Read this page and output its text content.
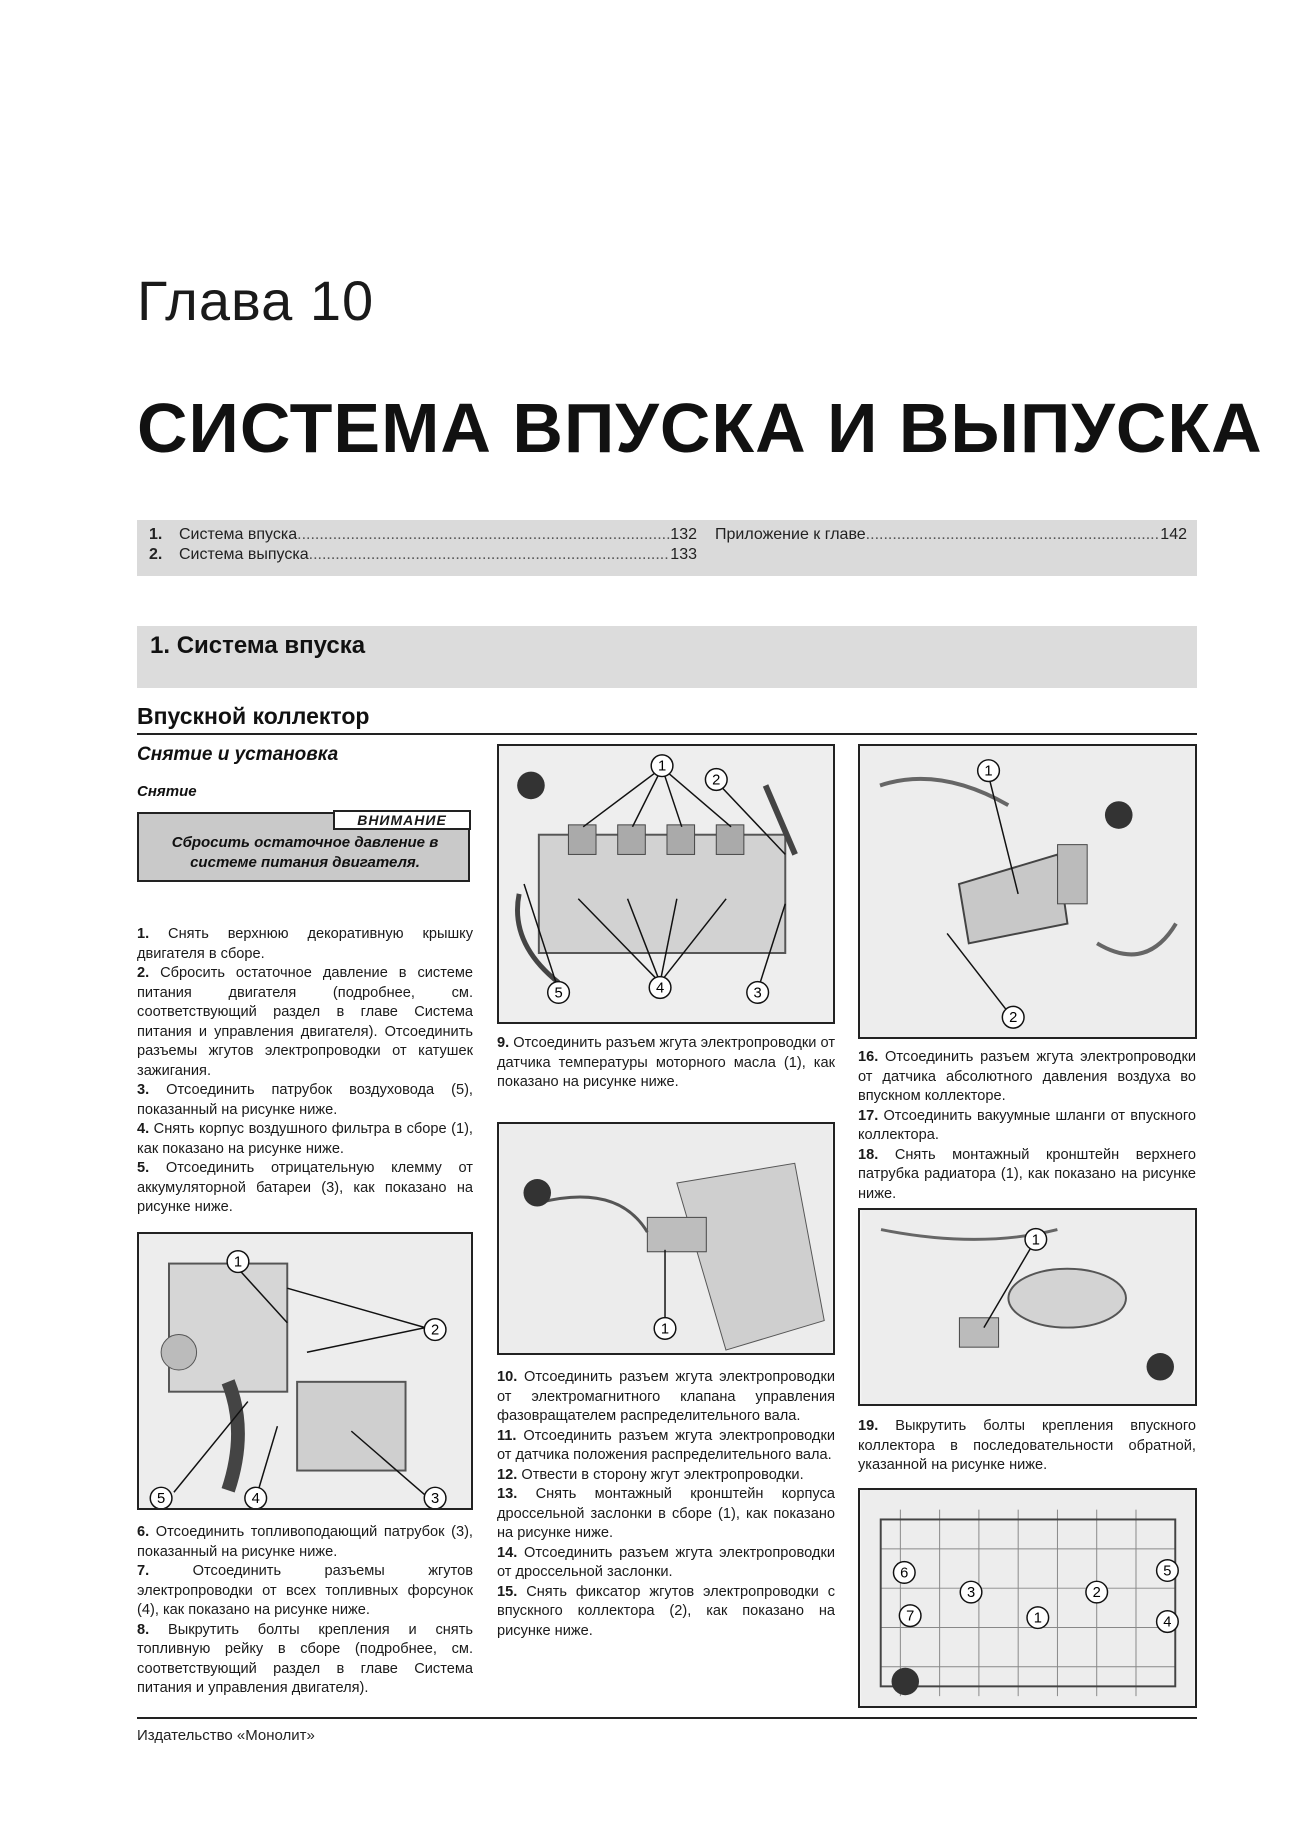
Глава 10
СИСТЕМА ВПУСКА И ВЫПУСКА
1.	Система впуска .....	132
2.	Система выпуска .....	133
Приложение к главе .....	142
1. Система впуска
Впускной коллектор
Снятие и установка
Снятие
ВНИМАНИЕ
Сбросить остаточное давление в системе питания двигателя.

1. Снять верхнюю декоративную крышку двигателя в сборе.

2. Сбросить остаточное давление в системе питания двигателя (подробнее, см. соответствующий раздел в главе Система питания и управления двигателя). Отсоединить разъемы жгутов электропроводки от катушек зажигания.

3. Отсоединить патрубок воздуховода (5), показанный на рисунке ниже.

4. Снять корпус воздушного фильтра в сборе (1), как показано на рисунке ниже.

5. Отсоединить отрицательную клемму от аккумуляторной батареи (3), как показано на рисунке ниже.

1
2
3
4
5

6. Отсоединить топливоподающий патрубок (3), показанный на рисунке ниже.

7.	Отсоединить разъемы жгутов электропроводки от всех топливных форсунок (4), как показано на рисунке ниже.

8. Выкрутить болты крепления и снять топливную рейку в сборе (подробнее, см. соответствующий раздел в главе Система питания и управления двигателя).

1
2
3
4
5

9. Отсоединить разъем жгута электропроводки от датчика температуры моторного масла (1), как показано на рисунке ниже.

1

10. Отсоединить разъем жгута электропроводки от электромагнитного клапана управления фазовращателем распределительного вала.

11. Отсоединить разъем жгута электропроводки от датчика положения распределительного вала.

12. Отвести в сторону жгут электропроводки.

13. Снять монтажный кронштейн корпуса дроссельной заслонки в сборе (1), как показано на рисунке ниже.

14. Отсоединить разъем жгута электропроводки от дроссельной заслонки.

15. Снять фиксатор жгутов электропроводки с впускного коллектора (2), как показано на рисунке ниже.

1
2

16. Отсоединить разъем жгута электропроводки от датчика абсолютного давления воздуха во впускном коллекторе.

17. Отсоединить вакуумные шланги от впускного коллектора.

18. Снять монтажный кронштейн верхнего патрубка радиатора (1), как показано на рисунке ниже.

1

19. Выкрутить болты крепления впускного коллектора в последовательности обратной, указанной на рисунке ниже.

1
2
3
4
5
6
7
Издательство «Монолит»
